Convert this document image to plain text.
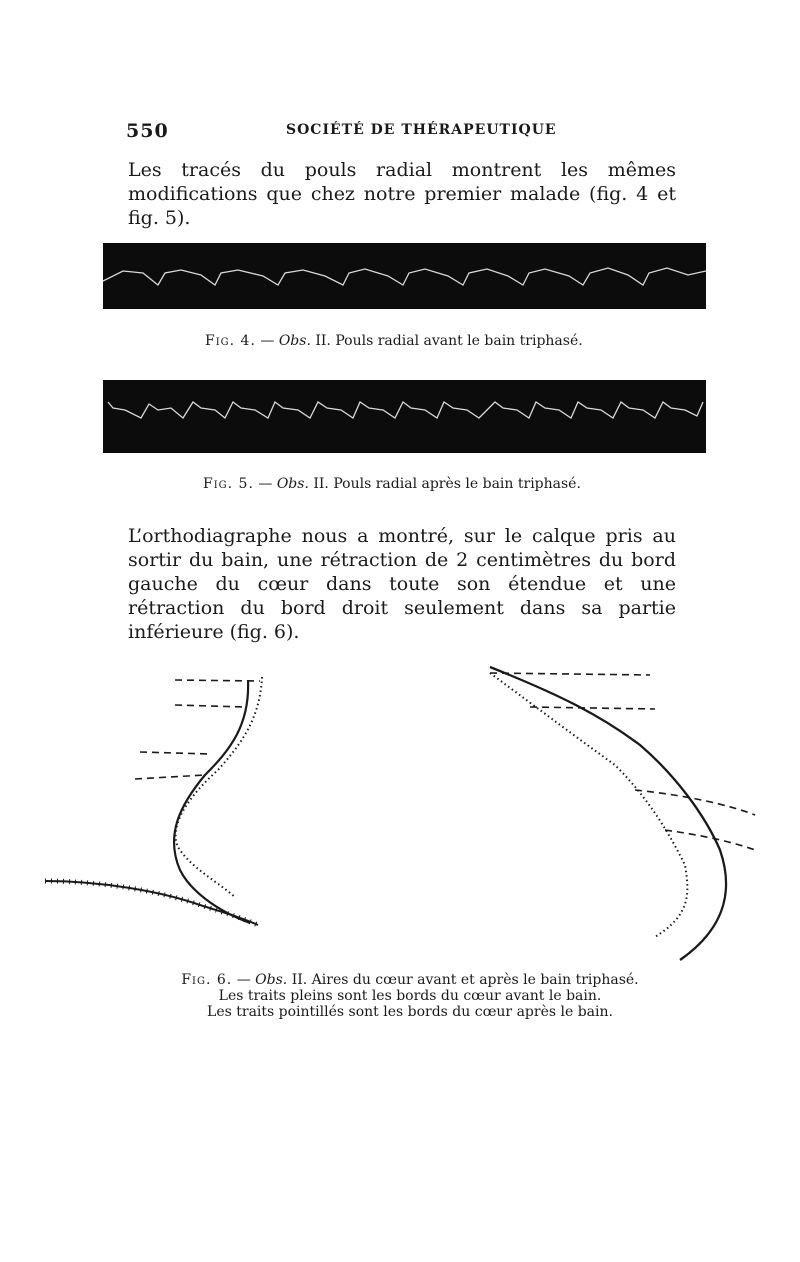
550	SOCIÉTÉ DE THÉRAPEUTIQUE
Les tracés du pouls radial montrent les mêmes modifications que chez notre premier malade (fig. 4 et fig. 5).
Fig. 4. — Obs. II. Pouls radial avant le bain triphasé.
Fig. 5. — Obs. II. Pouls radial après le bain triphasé.
L’orthodiagraphe nous a montré, sur le calque pris au sortir du bain, une rétraction de 2 centimètres du bord gauche du cœur dans toute son étendue et une rétraction du bord droit seulement dans sa partie inférieure (fig. 6).
Fig. 6. — Obs. II. Aires du cœur avant et après le bain triphasé.
Les traits pleins sont les bords du cœur avant le bain.
Les traits pointillés sont les bords du cœur après le bain.
